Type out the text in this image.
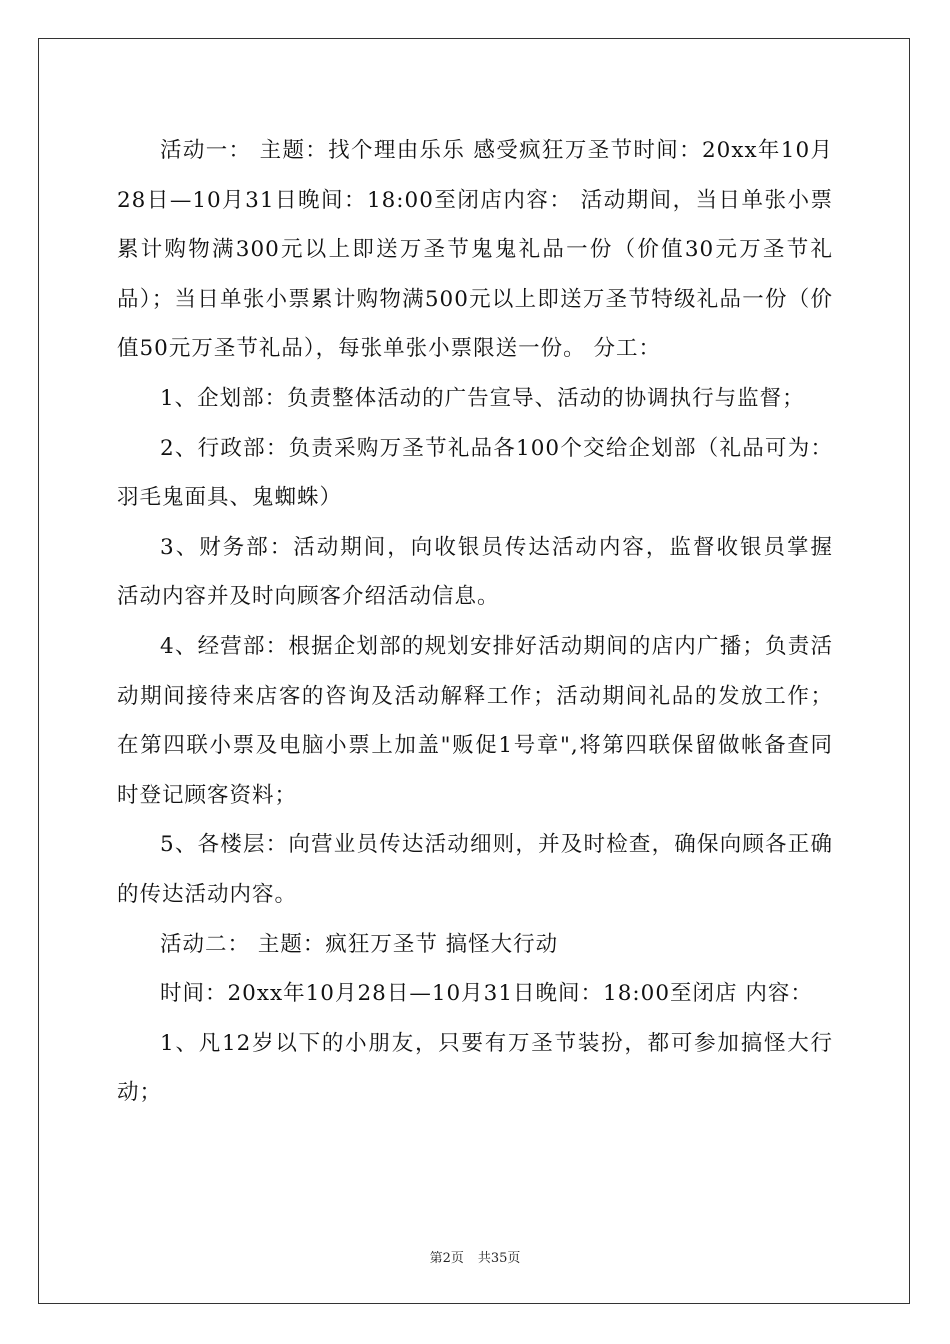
活动一： 主题：找个理由乐乐 感受疯狂万圣节时间：20xx年10月28日—10月31日晚间：18:00至闭店内容： 活动期间，当日单张小票累计购物满300元以上即送万圣节鬼鬼礼品一份（价值30元万圣节礼品）；当日单张小票累计购物满500元以上即送万圣节特级礼品一份（价值50元万圣节礼品），每张单张小票限送一份。 分工：

1、企划部：负责整体活动的广告宣导、活动的协调执行与监督；

2、行政部：负责采购万圣节礼品各100个交给企划部（礼品可为：羽毛鬼面具、鬼蜘蛛）

3、财务部：活动期间，向收银员传达活动内容，监督收银员掌握 活动内容并及时向顾客介绍活动信息。

4、经营部：根据企划部的规划安排好活动期间的店内广播；负责活动期间接待来店客的咨询及活动解释工作；活动期间礼品的发放工作；在第四联小票及电脑小票上加盖"贩促1号章",将第四联保留做帐备查同时登记顾客资料；

5、各楼层：向营业员传达活动细则，并及时检查，确保向顾各正确的传达活动内容。

活动二： 主题：疯狂万圣节 搞怪大行动

时间：20xx年10月28日—10月31日晚间：18:00至闭店 内容：

1、凡12岁以下的小朋友，只要有万圣节装扮，都可参加搞怪大行动；

第2页 共35页
